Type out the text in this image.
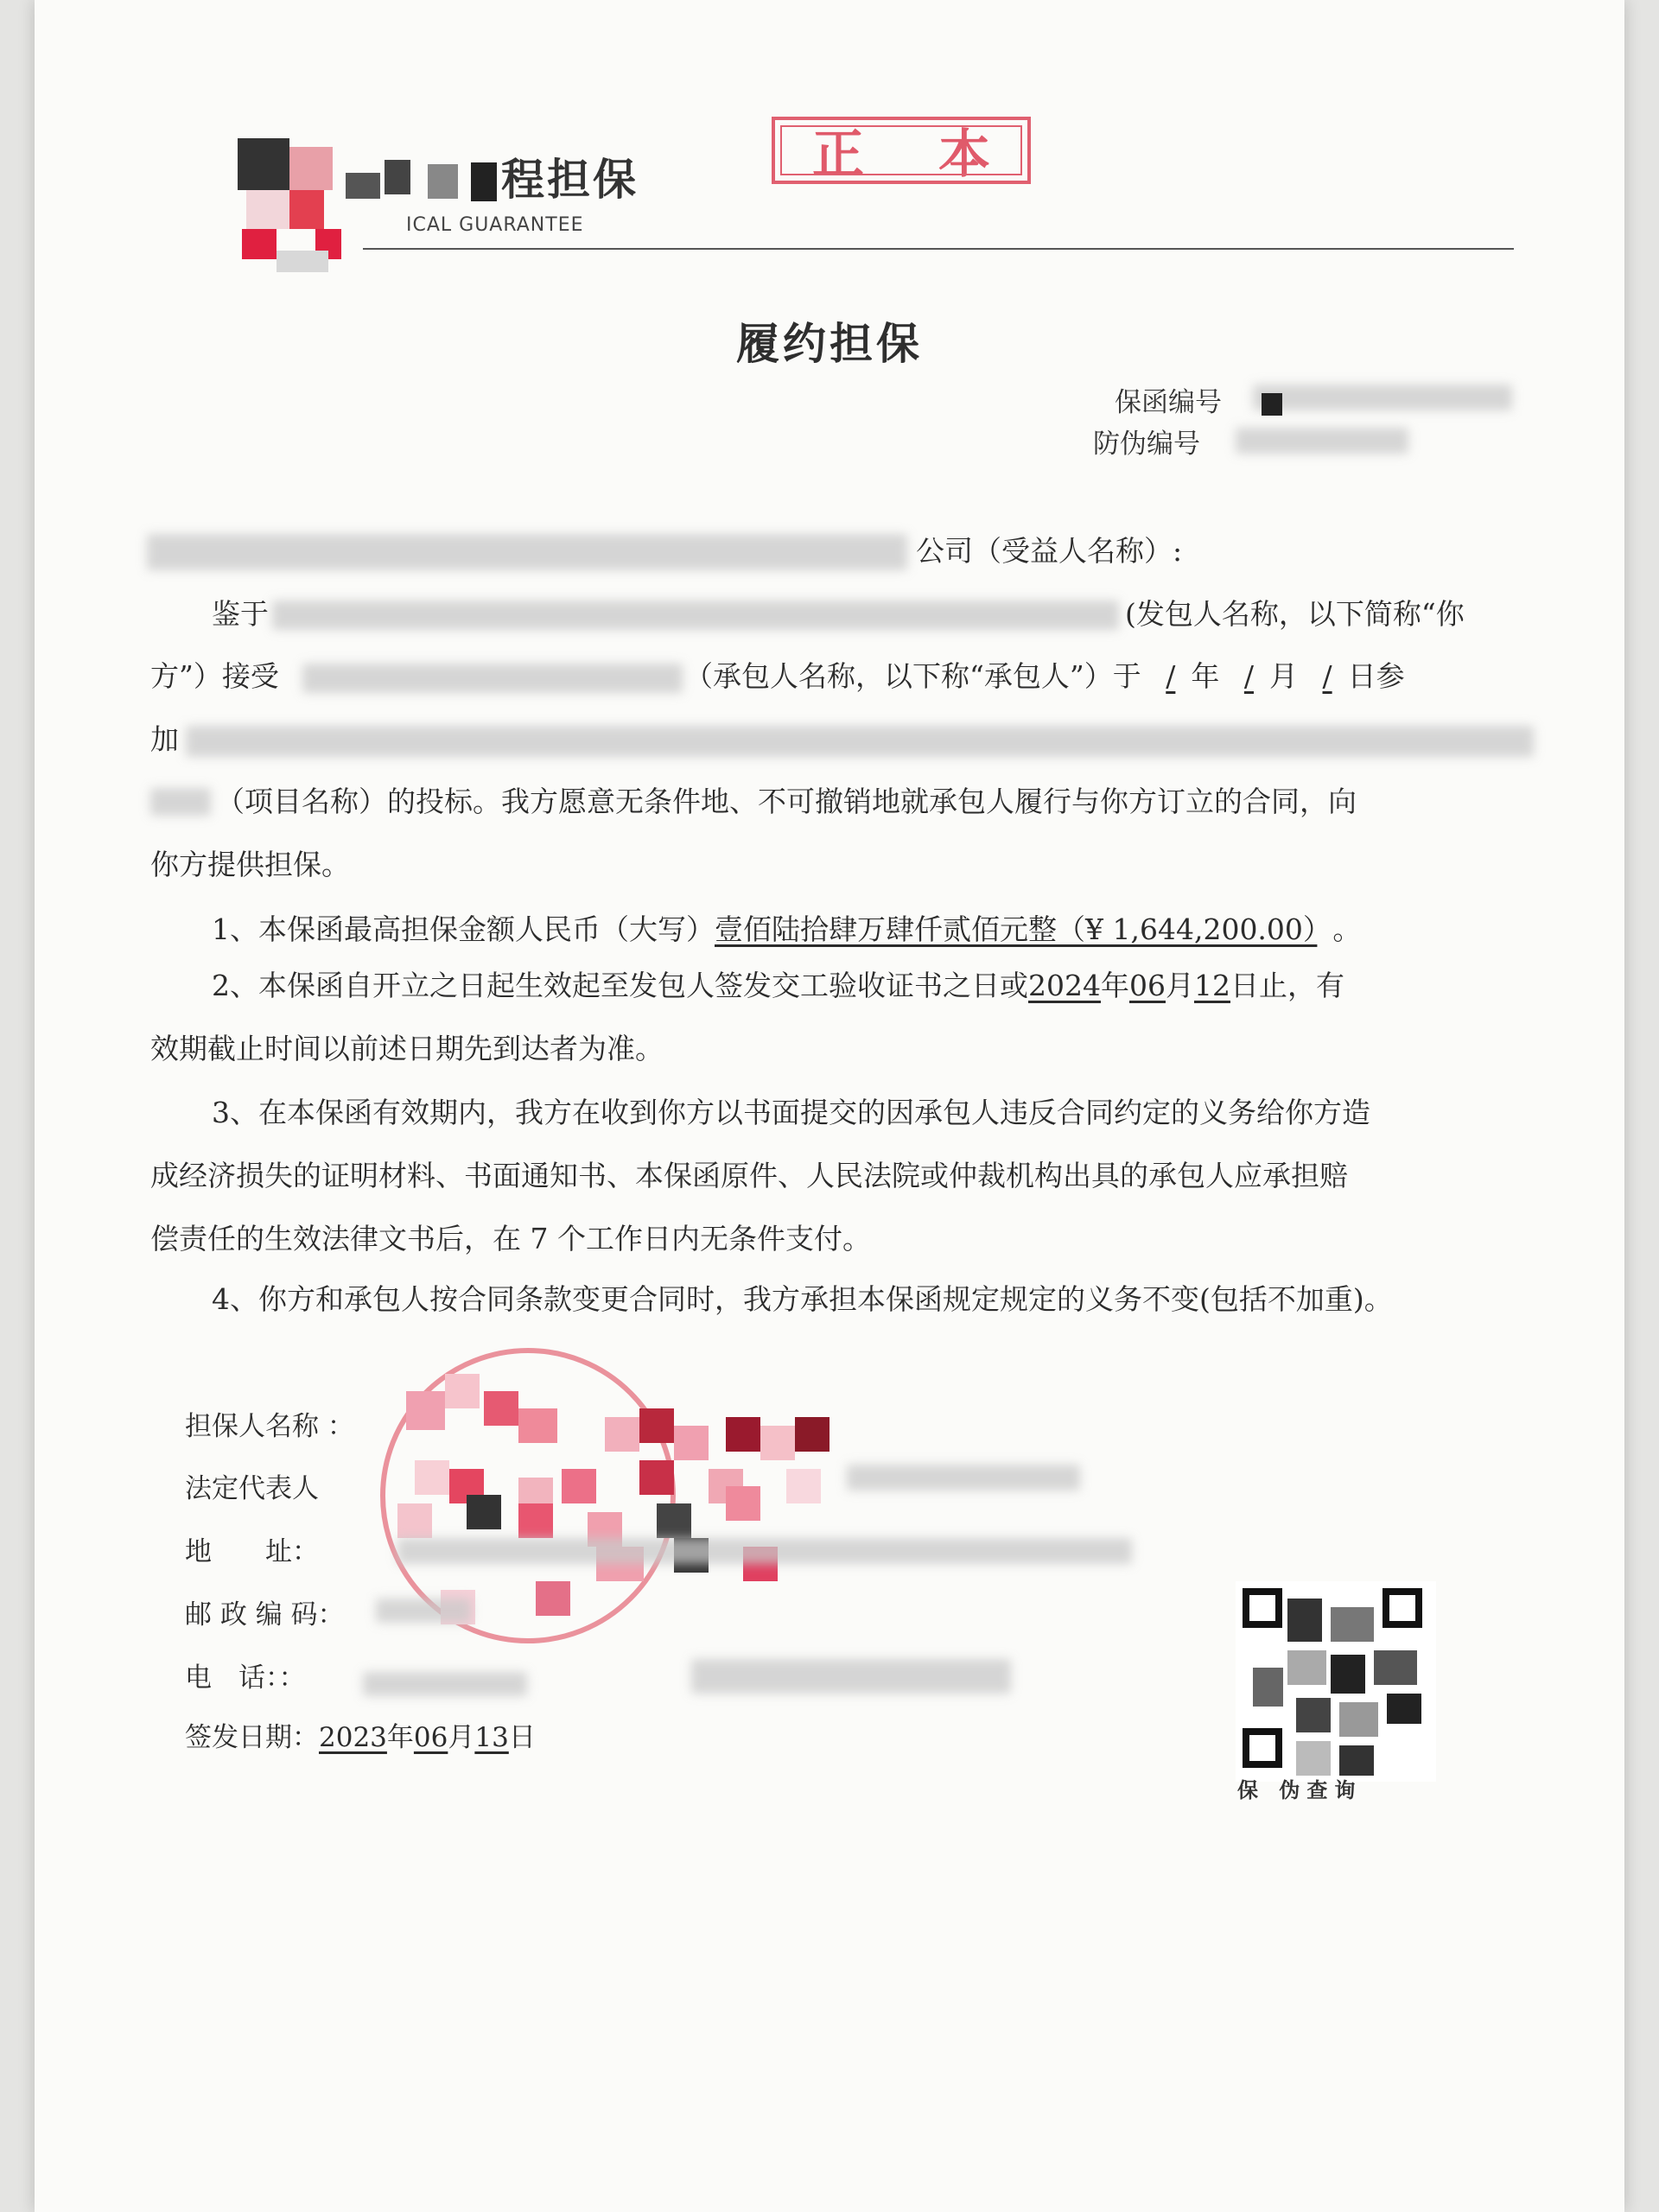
程担保
ICAL GUARANTEE
正 本
履约担保
保函编号
防伪编号
公司（受益人名称）:
鉴于	(发包人名称，以下简称“你
方”）接受	（承包人名称，以下称“承包人”）于 / 年 / 月 / 日参
加
（项目名称）的投标。我方愿意无条件地、不可撤销地就承包人履行与你方订立的合同，向
你方提供担保。
1、本保函最高担保金额人民币（大写）壹佰陆拾肆万肆仟贰佰元整（¥ 1,644,200.00） 。
2、本保函自开立之日起生效起至发包人签发交工验收证书之日或2024年06月12日止，有
效期截止时间以前述日期先到达者为准。
3、在本保函有效期内，我方在收到你方以书面提交的因承包人违反合同约定的义务给你方造
成经济损失的证明材料、书面通知书、本保函原件、人民法院或仲裁机构出具的承包人应承担赔
偿责任的生效法律文书后，在 7 个工作日内无条件支付。
4、你方和承包人按合同条款变更合同时，我方承担本保函规定规定的义务不变(包括不加重)。
担保人名称 ：
法定代表人
地　　址：
邮 政 编 码：
电　话：：
签发日期：2023年06月13日
保 伪查询
